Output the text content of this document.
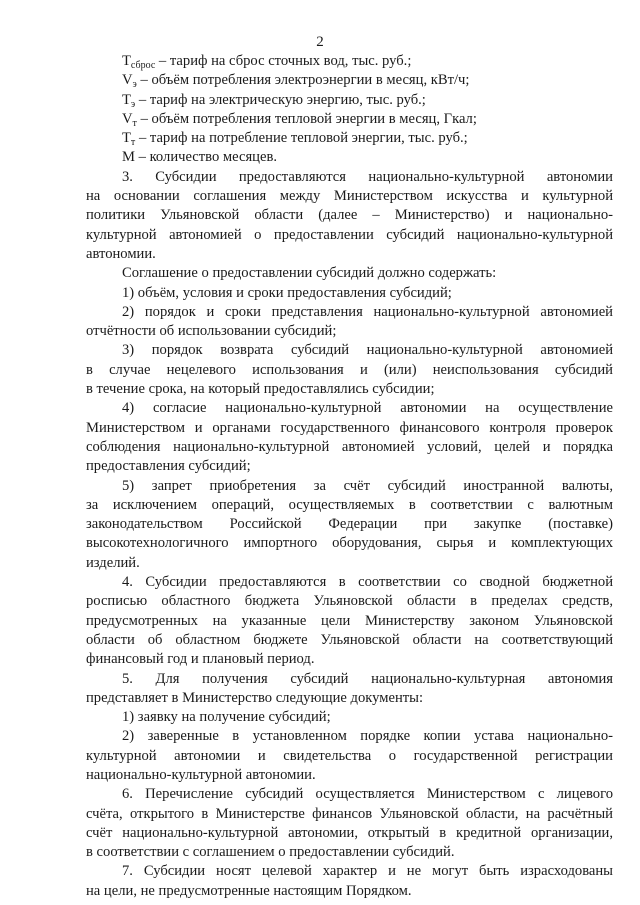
2
$T_{сброс}$ – тариф на сброс сточных вод, тыс. руб.;
$V_э$ – объём потребления электроэнергии в месяц, кВт/ч;
$T_э$ – тариф на электрическую энергию, тыс. руб.;
$V_т$ – объём потребления тепловой энергии в месяц, Гкал;
$T_т$ – тариф на потребление тепловой энергии, тыс. руб.;
M – количество месяцев.
3. Субсидии предоставляются национально-культурной автономии
на основании соглашения между Министерством искусства и культурной
политики Ульяновской области (далее – Министерство) и национально-
культурной автономией о предоставлении субсидий национально-культурной
автономии.
Соглашение о предоставлении субсидий должно содержать:
1) объём, условия и сроки предоставления субсидий;
2) порядок и сроки представления национально-культурной автономией
отчётности об использовании субсидий;
3) порядок возврата субсидий национально-культурной автономией
в случае нецелевого использования и (или) неиспользования субсидий
в течение срока, на который предоставлялись субсидии;
4) согласие национально-культурной автономии на осуществление
Министерством и органами государственного финансового контроля проверок
соблюдения национально-культурной автономией условий, целей и порядка
предоставления субсидий;
5) запрет приобретения за счёт субсидий иностранной валюты,
за исключением операций, осуществляемых в соответствии с валютным
законодательством Российской Федерации при закупке (поставке)
высокотехнологичного импортного оборудования, сырья и комплектующих
изделий.
4. Субсидии предоставляются в соответствии со сводной бюджетной
росписью областного бюджета Ульяновской области в пределах средств,
предусмотренных на указанные цели Министерству законом Ульяновской
области об областном бюджете Ульяновской области на соответствующий
финансовый год и плановый период.
5. Для получения субсидий национально-культурная автономия
представляет в Министерство следующие документы:
1) заявку на получение субсидий;
2) заверенные в установленном порядке копии устава национально-
культурной автономии и свидетельства о государственной регистрации
национально-культурной автономии.
6. Перечисление субсидий осуществляется Министерством с лицевого
счёта, открытого в Министерстве финансов Ульяновской области, на расчётный
счёт национально-культурной автономии, открытый в кредитной организации,
в соответствии с соглашением о предоставлении субсидий.
7. Субсидии носят целевой характер и не могут быть израсходованы
на цели, не предусмотренные настоящим Порядком.
